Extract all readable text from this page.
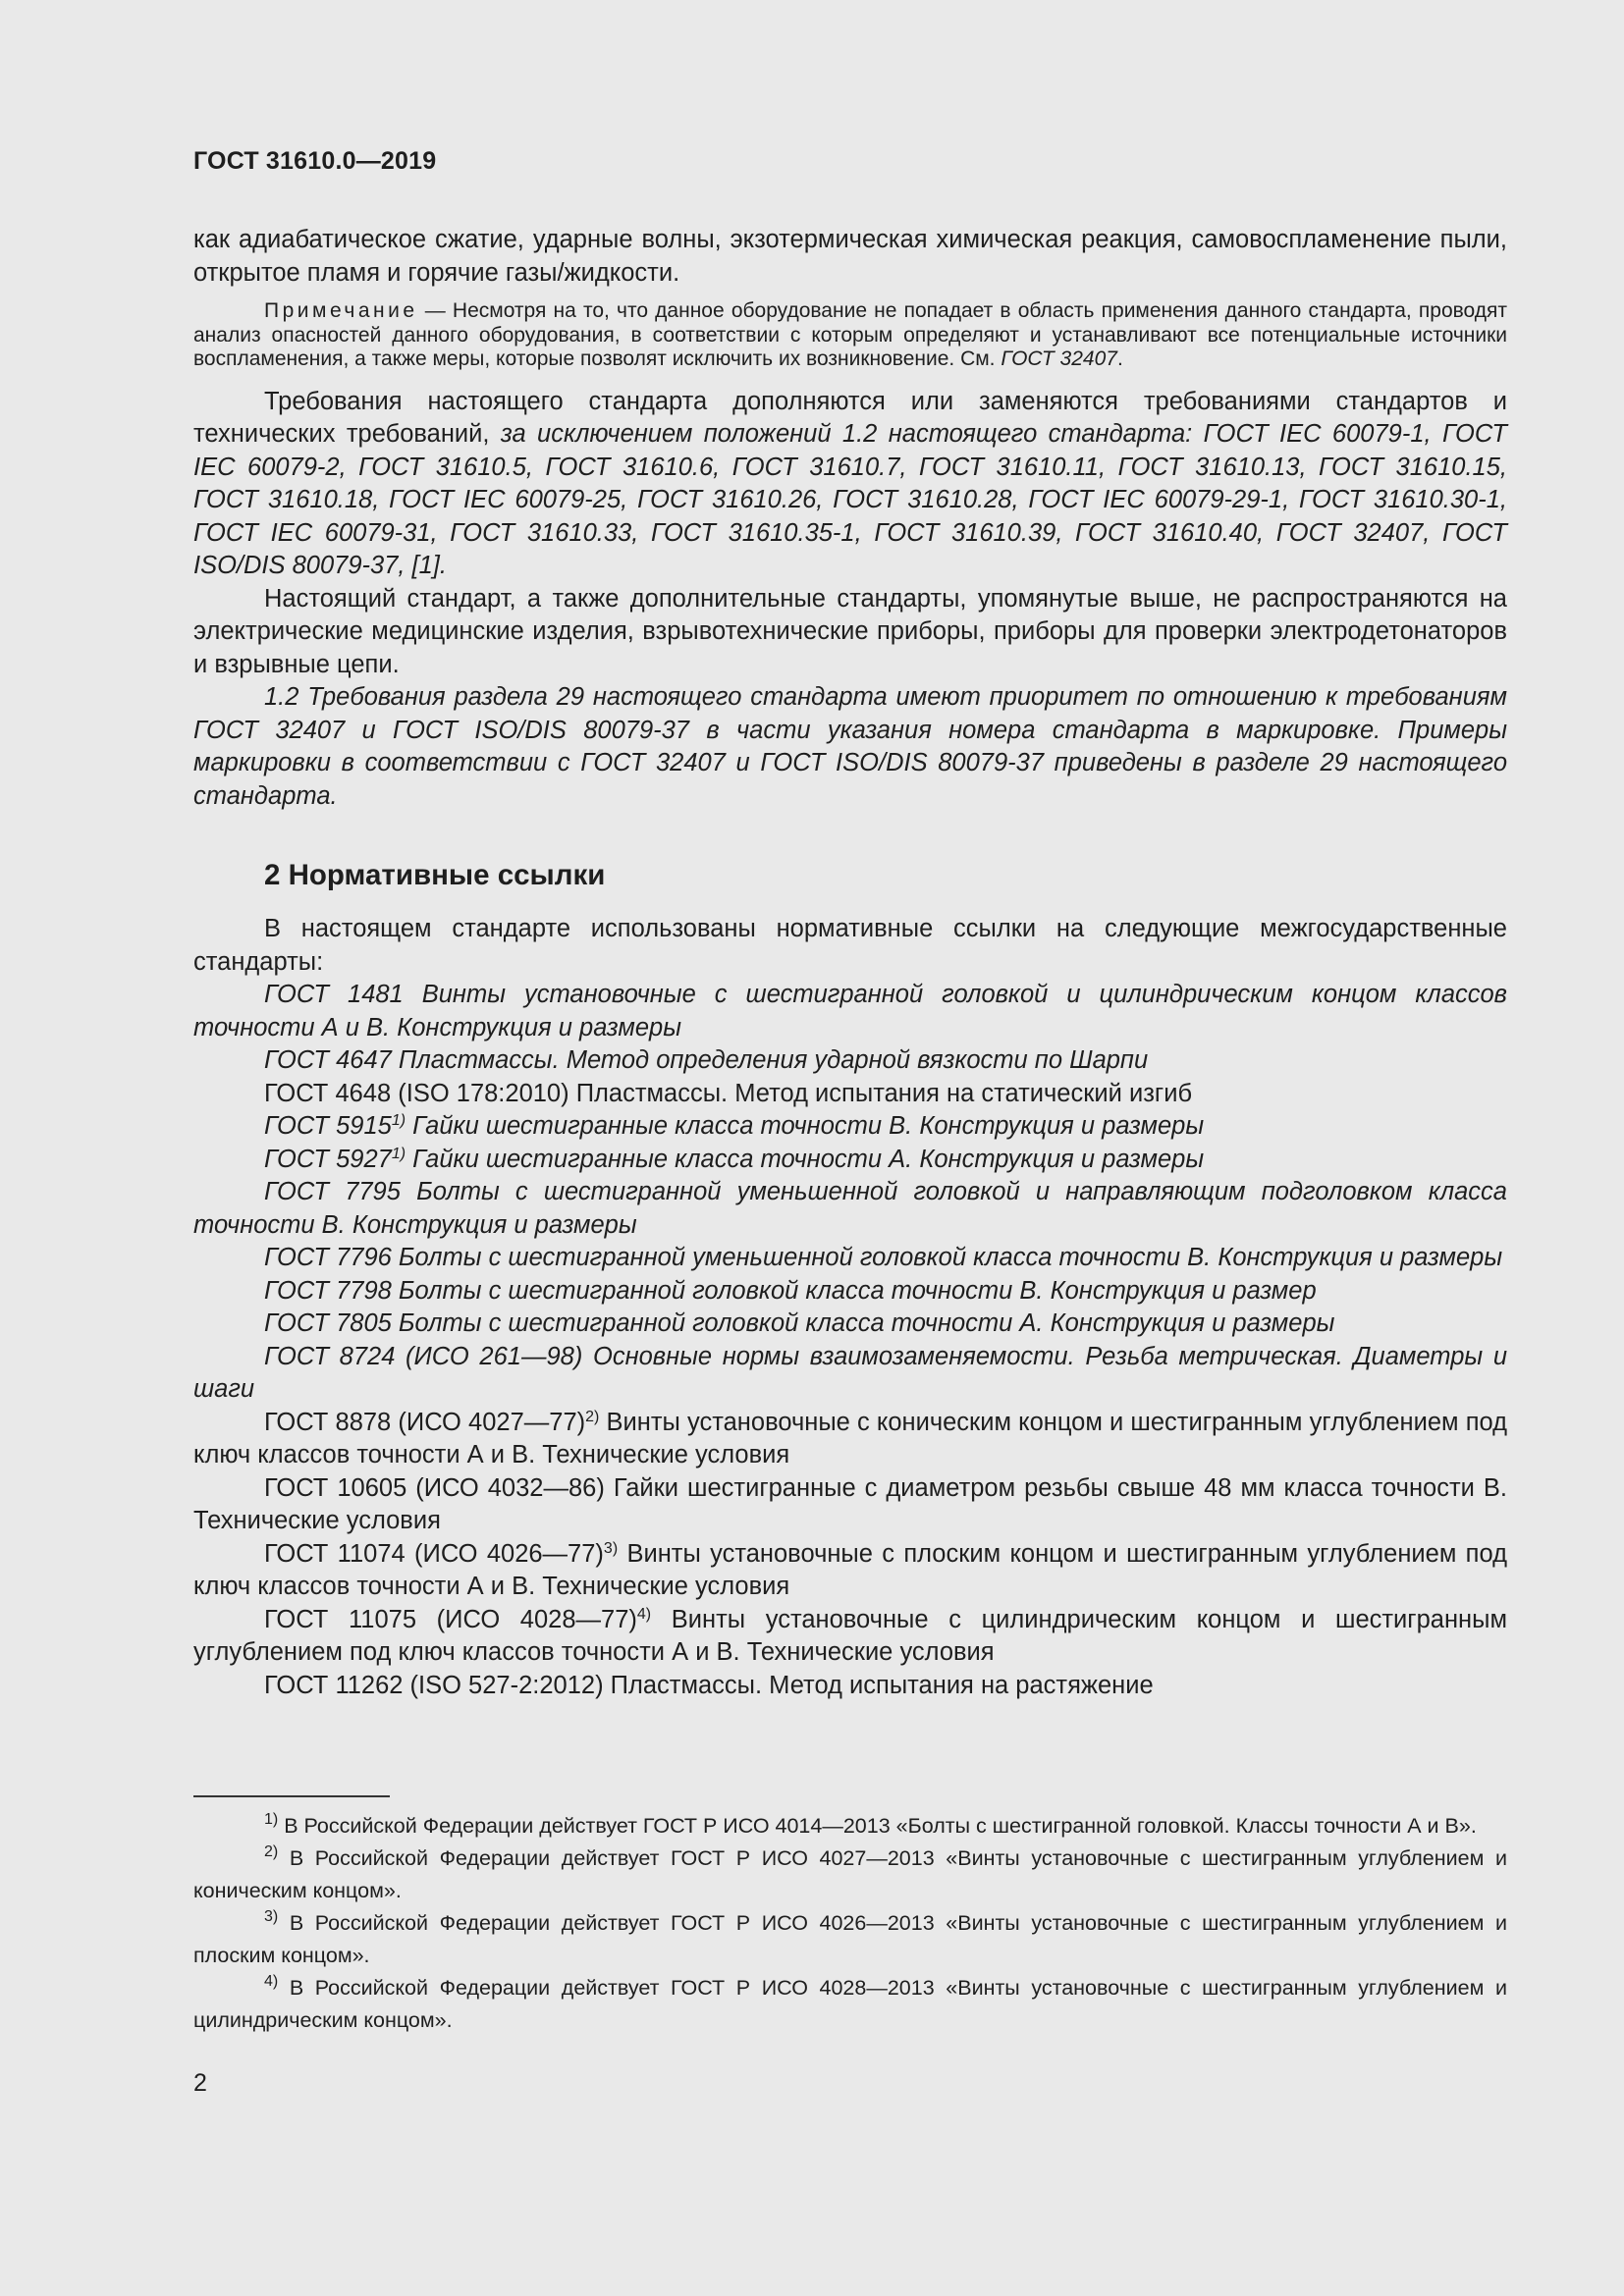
ГОСТ 31610.0—2019

как адиабатическое сжатие, ударные волны, экзотермическая химическая реакция, самовоспламенение пыли, открытое пламя и горячие газы/жидкости.

Примечание — Несмотря на то, что данное оборудование не попадает в область применения данного стандарта, проводят анализ опасностей данного оборудования, в соответствии с которым определяют и устанавливают все потенциальные источники воспламенения, а также меры, которые позволят исключить их возникновение. См. ГОСТ 32407.

Требования настоящего стандарта дополняются или заменяются требованиями стандартов и технических требований, за исключением положений 1.2 настоящего стандарта: ГОСТ IEC 60079-1, ГОСТ IEC 60079-2, ГОСТ 31610.5, ГОСТ 31610.6, ГОСТ 31610.7, ГОСТ 31610.11, ГОСТ 31610.13, ГОСТ 31610.15, ГОСТ 31610.18, ГОСТ IEC 60079-25, ГОСТ 31610.26, ГОСТ 31610.28, ГОСТ IEC 60079-29-1, ГОСТ 31610.30-1, ГОСТ IEC 60079-31, ГОСТ 31610.33, ГОСТ 31610.35-1, ГОСТ 31610.39, ГОСТ 31610.40, ГОСТ 32407, ГОСТ ISO/DIS 80079-37, [1].

Настоящий стандарт, а также дополнительные стандарты, упомянутые выше, не распространяются на электрические медицинские изделия, взрывотехнические приборы, приборы для проверки электродетонаторов и взрывные цепи.

1.2 Требования раздела 29 настоящего стандарта имеют приоритет по отношению к требованиям ГОСТ 32407 и ГОСТ ISO/DIS 80079-37 в части указания номера стандарта в маркировке. Примеры маркировки в соответствии с ГОСТ 32407 и ГОСТ ISO/DIS 80079-37 приведены в разделе 29 настоящего стандарта.

2 Нормативные ссылки

В настоящем стандарте использованы нормативные ссылки на следующие межгосударственные стандарты:

ГОСТ 1481 Винты установочные с шестигранной головкой и цилиндрическим концом классов точности А и В. Конструкция и размеры

ГОСТ 4647 Пластмассы. Метод определения ударной вязкости по Шарпи

ГОСТ 4648 (ISO 178:2010) Пластмассы. Метод испытания на статический изгиб

ГОСТ 5915$^{1)}$ Гайки шестигранные класса точности В. Конструкция и размеры

ГОСТ 5927$^{1)}$ Гайки шестигранные класса точности А. Конструкция и размеры

ГОСТ 7795 Болты с шестигранной уменьшенной головкой и направляющим подголовком класса точности В. Конструкция и размеры

ГОСТ 7796 Болты с шестигранной уменьшенной головкой класса точности В. Конструкция и размеры

ГОСТ 7798 Болты с шестигранной головкой класса точности В. Конструкция и размер

ГОСТ 7805 Болты с шестигранной головкой класса точности А. Конструкция и размеры

ГОСТ 8724 (ИСО 261—98) Основные нормы взаимозаменяемости. Резьба метрическая. Диаметры и шаги

ГОСТ 8878 (ИСО 4027—77)$^{2)}$ Винты установочные с коническим концом и шестигранным углублением под ключ классов точности А и В. Технические условия

ГОСТ 10605 (ИСО 4032—86) Гайки шестигранные с диаметром резьбы свыше 48 мм класса точности В. Технические условия

ГОСТ 11074 (ИСО 4026—77)$^{3)}$ Винты установочные с плоским концом и шестигранным углублением под ключ классов точности А и В. Технические условия

ГОСТ 11075 (ИСО 4028—77)$^{4)}$ Винты установочные с цилиндрическим концом и шестигранным углублением под ключ классов точности А и В. Технические условия

ГОСТ 11262 (ISO 527-2:2012) Пластмассы. Метод испытания на растяжение

$^{1)}$ В Российской Федерации действует ГОСТ Р ИСО 4014—2013 «Болты с шестигранной головкой. Классы точности А и В».

$^{2)}$ В Российской Федерации действует ГОСТ Р ИСО 4027—2013 «Винты установочные с шестигранным углублением и коническим концом».

$^{3)}$ В Российской Федерации действует ГОСТ Р ИСО 4026—2013 «Винты установочные с шестигранным углублением и плоским концом».

$^{4)}$ В Российской Федерации действует ГОСТ Р ИСО 4028—2013 «Винты установочные с шестигранным углублением и цилиндрическим концом».

2
